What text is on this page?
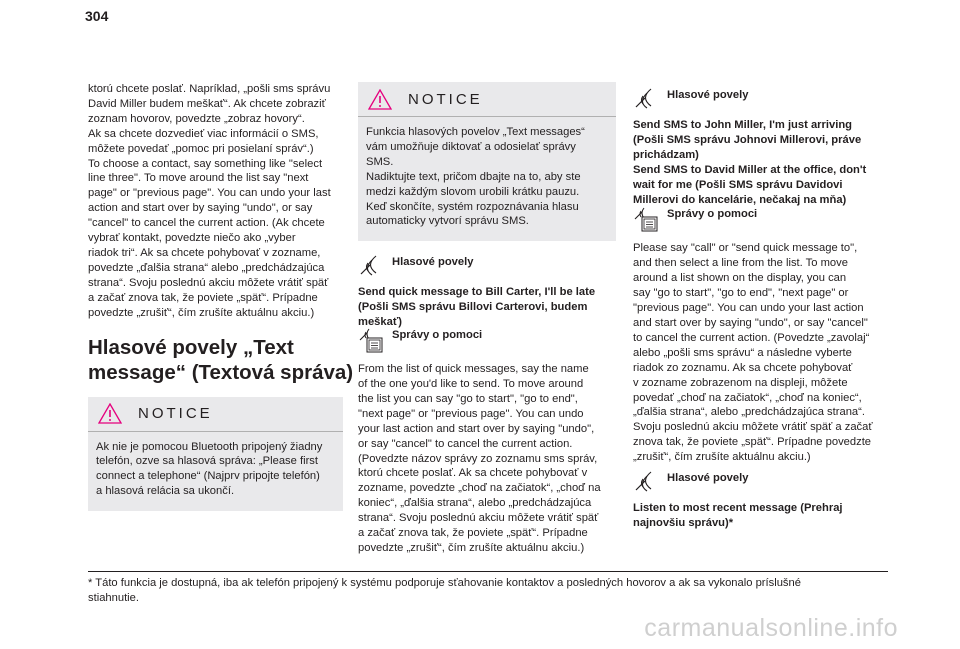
304
ktorú chcete poslať. Napríklad, „pošli sms správu
David Miller budem meškať“. Ak chcete zobraziť
zoznam hovorov, povedzte „zobraz hovory“.
Ak sa chcete dozvedieť viac informácií o SMS,
môžete povedať „pomoc pri posielaní správ“.)
To choose a contact, say something like "select
line three". To move around the list say "next
page" or "previous page". You can undo your last
action and start over by saying "undo", or say
"cancel" to cancel the current action. (Ak chcete
vybrať kontakt, povedzte niečo ako „vyber
riadok tri“. Ak sa chcete pohybovať v zozname,
povedzte „ďalšia strana“ alebo „predchádzajúca
strana“. Svoju poslednú akciu môžete vrátiť späť
a začať znova tak, že poviete „späť“. Prípadne
povedzte „zrušiť“, čím zrušíte aktuálnu akciu.)
Hlasové povely „Text
message“ (Textová správa)
NOTICE
Ak nie je pomocou Bluetooth pripojený žiadny
telefón, ozve sa hlasová správa: „Please first
connect a telephone“ (Najprv pripojte telefón)
a hlasová relácia sa ukončí.
NOTICE
Funkcia hlasových povelov „Text messages“
vám umožňuje diktovať a odosielať správy
SMS.
Nadiktujte text, pričom dbajte na to, aby ste
medzi každým slovom urobili krátku pauzu.
Keď skončíte, systém rozpoznávania hlasu
automaticky vytvorí správu SMS.
Hlasové povely
Send quick message to Bill Carter, I'll be late
(Pošli SMS správu Billovi Carterovi, budem
meškať)
Správy o pomoci
From the list of quick messages, say the name
of the one you'd like to send. To move around
the list you can say "go to start", "go to end",
"next page" or "previous page". You can undo
your last action and start over by saying "undo",
or say "cancel" to cancel the current action.
(Povedzte názov správy zo zoznamu sms správ,
ktorú chcete poslať. Ak sa chcete pohybovať v
zozname, povedzte „choď na začiatok“, „choď na
koniec“, „ďalšia strana“, alebo „predchádzajúca
strana“. Svoju poslednú akciu môžete vrátiť späť
a začať znova tak, že poviete „späť“. Prípadne
povedzte „zrušiť“, čím zrušíte aktuálnu akciu.)
Hlasové povely
Send SMS to John Miller, I'm just arriving
(Pošli SMS správu Johnovi Millerovi, práve
prichádzam)
Send SMS to David Miller at the office, don't
wait for me (Pošli SMS správu Davidovi
Millerovi do kancelárie, nečakaj na mňa)
Správy o pomoci
Please say "call" or "send quick message to",
and then select a line from the list. To move
around a list shown on the display, you can
say "go to start", "go to end", "next page" or
"previous page". You can undo your last action
and start over by saying "undo", or say "cancel"
to cancel the current action. (Povedzte „zavolaj“
alebo „pošli sms správu“ a následne vyberte
riadok zo zoznamu. Ak sa chcete pohybovať
v zozname zobrazenom na displeji, môžete
povedať „choď na začiatok“, „choď na koniec“,
„ďalšia strana“, alebo „predchádzajúca strana“.
Svoju poslednú akciu môžete vrátiť späť a začať
znova tak, že poviete „späť“. Prípadne povedzte
„zrušiť“, čím zrušíte aktuálnu akciu.)
Hlasové povely
Listen to most recent message (Prehraj
najnovšiu správu)*
* Táto funkcia je dostupná, iba ak telefón pripojený k systému podporuje sťahovanie kontaktov a posledných hovorov a ak sa vykonalo príslušné
stiahnutie.
carmanualsonline.info
